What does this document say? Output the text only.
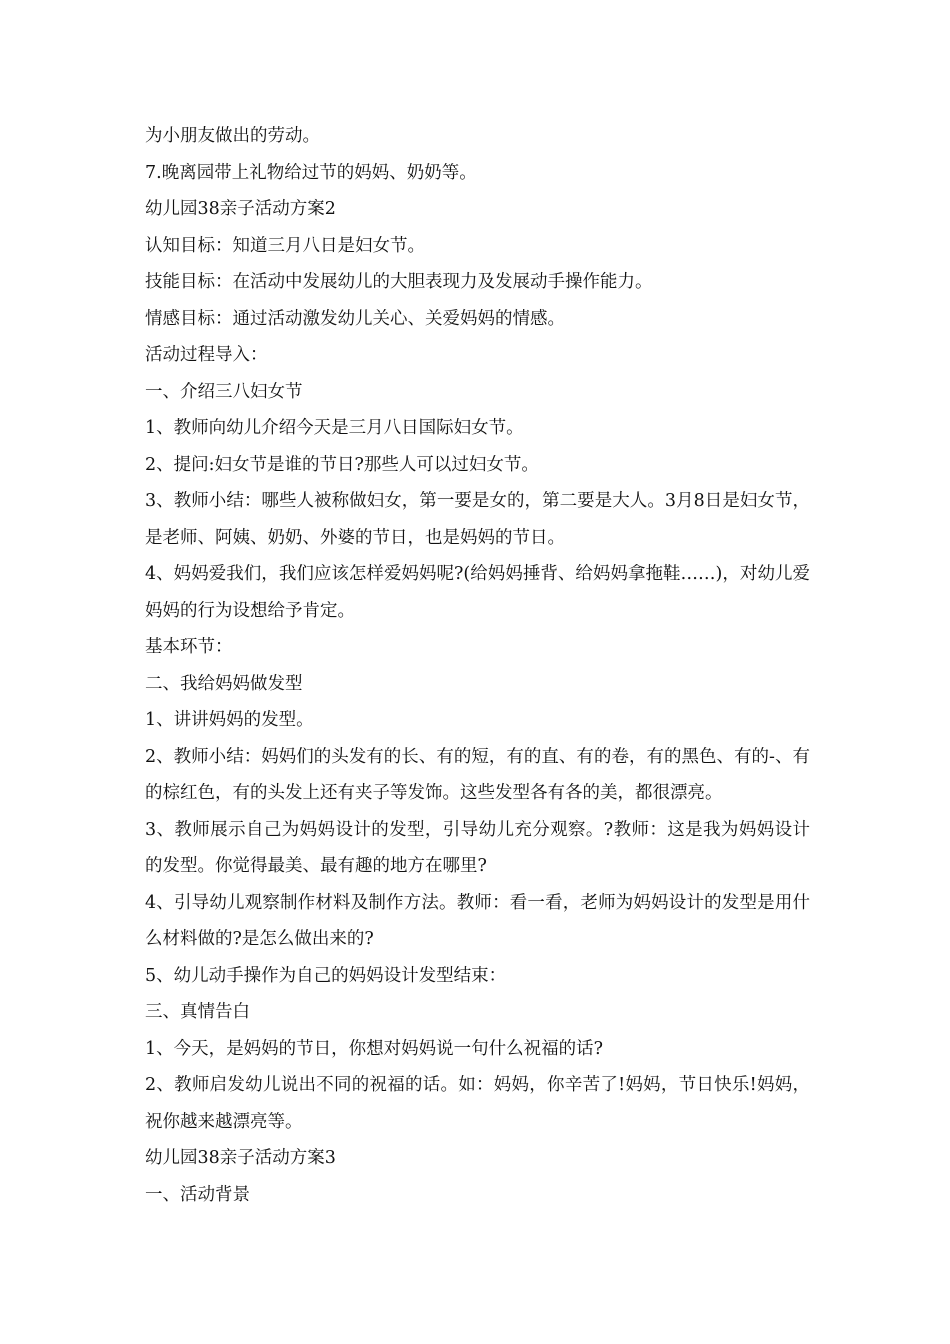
为小朋友做出的劳动。

7.晚离园带上礼物给过节的妈妈、奶奶等。

幼儿园38亲子活动方案2

认知目标：知道三月八日是妇女节。

技能目标：在活动中发展幼儿的大胆表现力及发展动手操作能力。

情感目标：通过活动激发幼儿关心、关爱妈妈的情感。

活动过程导入：

一、介绍三八妇女节

1、教师向幼儿介绍今天是三月八日国际妇女节。

2、提问:妇女节是谁的节日?那些人可以过妇女节。

3、教师小结：哪些人被称做妇女，第一要是女的，第二要是大人。3月8日是妇女节，是老师、阿姨、奶奶、外婆的节日，也是妈妈的节日。

4、妈妈爱我们，我们应该怎样爱妈妈呢?(给妈妈捶背、给妈妈拿拖鞋……)，对幼儿爱妈妈的行为设想给予肯定。

基本环节：

二、我给妈妈做发型

1、讲讲妈妈的发型。

2、教师小结：妈妈们的头发有的长、有的短，有的直、有的卷，有的黑色、有的-、有的棕红色，有的头发上还有夹子等发饰。这些发型各有各的美，都很漂亮。

3、教师展示自己为妈妈设计的发型，引导幼儿充分观察。?教师：这是我为妈妈设计的发型。你觉得最美、最有趣的地方在哪里?

4、引导幼儿观察制作材料及制作方法。教师：看一看，老师为妈妈设计的发型是用什么材料做的?是怎么做出来的?

5、幼儿动手操作为自己的妈妈设计发型结束：

三、真情告白

1、今天，是妈妈的节日，你想对妈妈说一句什么祝福的话?

2、教师启发幼儿说出不同的祝福的话。如：妈妈，你辛苦了!妈妈，节日快乐!妈妈，祝你越来越漂亮等。

幼儿园38亲子活动方案3

一、活动背景
